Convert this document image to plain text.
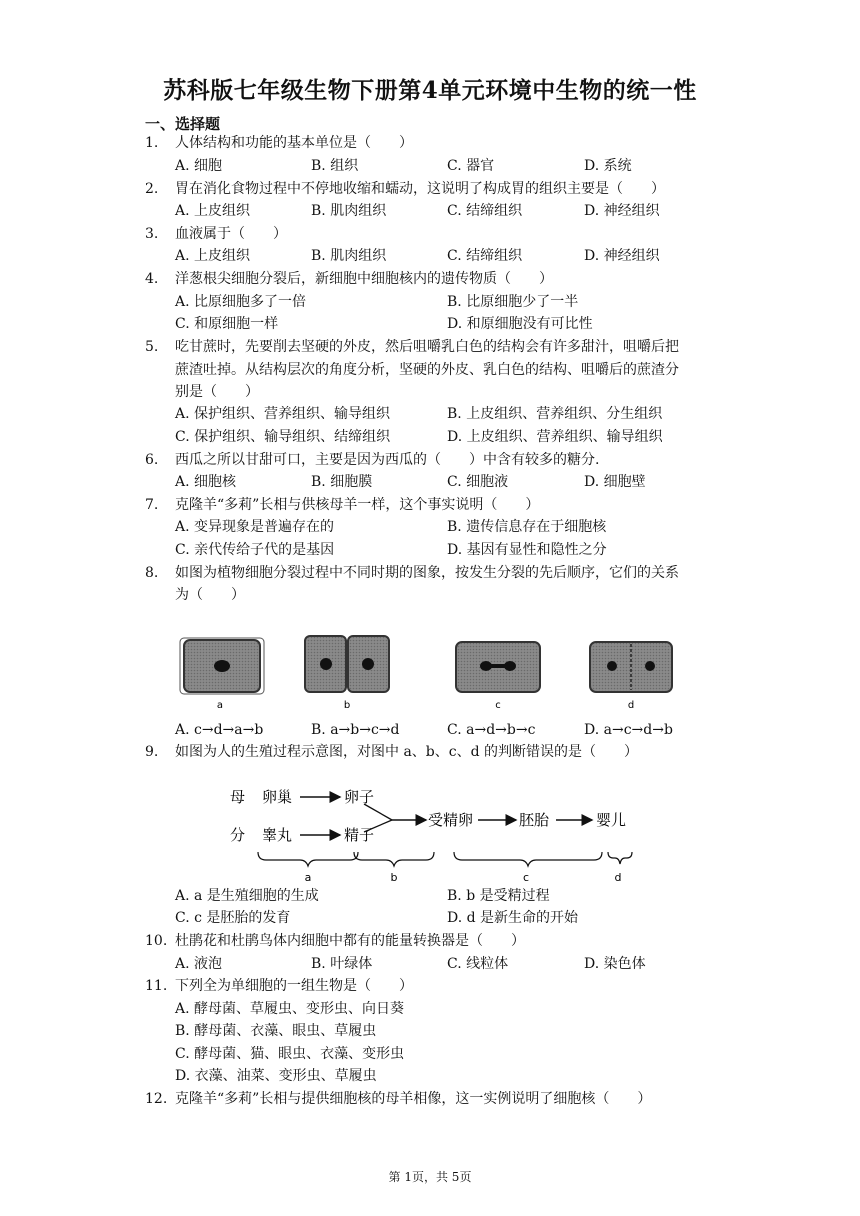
苏科版七年级生物下册第4单元环境中生物的统一性
一、选择题
1. 人体结构和功能的基本单位是（　　）
A. 细胞	B. 组织	C. 器官	D. 系统
2. 胃在消化食物过程中不停地收缩和蠕动，这说明了构成胃的组织主要是（　　）
A. 上皮组织	B. 肌肉组织	C. 结缔组织	D. 神经组织
3. 血液属于（　　）
A. 上皮组织	B. 肌肉组织	C. 结缔组织	D. 神经组织
4. 洋葱根尖细胞分裂后，新细胞中细胞核内的遗传物质（　　）
A. 比原细胞多了一倍	B. 比原细胞少了一半
C. 和原细胞一样	D. 和原细胞没有可比性
5. 吃甘蔗时，先要削去坚硬的外皮，然后咀嚼乳白色的结构会有许多甜汁，咀嚼后把
蔗渣吐掉。从结构层次的角度分析，坚硬的外皮、乳白色的结构、咀嚼后的蔗渣分
别是（　　）
A. 保护组织、营养组织、输导组织	B. 上皮组织、营养组织、分生组织
C. 保护组织、输导组织、结缔组织	D. 上皮组织、营养组织、输导组织
6. 西瓜之所以甘甜可口，主要是因为西瓜的（　　）中含有较多的糖分.
A. 细胞核	B. 细胞膜	C. 细胞液	D. 细胞壁
7. 克隆羊“多莉”长相与供核母羊一样，这个事实说明（　　）
A. 变异现象是普遍存在的	B. 遗传信息存在于细胞核
C. 亲代传给子代的是基因	D. 基因有显性和隐性之分
8. 如图为植物细胞分裂过程中不同时期的图象，按发生分裂的先后顺序，它们的关系
为（　　）
a	b	c	d
A. c→d→a→b	B. a→b→c→d	C. a→d→b→c	D. a→c→d→b
9. 如图为人的生殖过程示意图，对图中 a、b、c、d 的判断错误的是（　　）
母 卵巢	卵子
分 睾丸	精子
受精卵	胚胎	婴儿
a	b	c	d
A. a 是生殖细胞的生成	B. b 是受精过程
C. c 是胚胎的发育	D. d 是新生命的开始
10. 杜鹃花和杜鹃鸟体内细胞中都有的能量转换器是（　　）
A. 液泡	B. 叶绿体	C. 线粒体	D. 染色体
11. 下列全为单细胞的一组生物是（　　）
A. 酵母菌、草履虫、变形虫、向日葵
B. 酵母菌、衣藻、眼虫、草履虫
C. 酵母菌、猫、眼虫、衣藻、变形虫
D. 衣藻、油菜、变形虫、草履虫
12. 克隆羊“多莉”长相与提供细胞核的母羊相像，这一实例说明了细胞核（　　）
第 1页，共 5页
